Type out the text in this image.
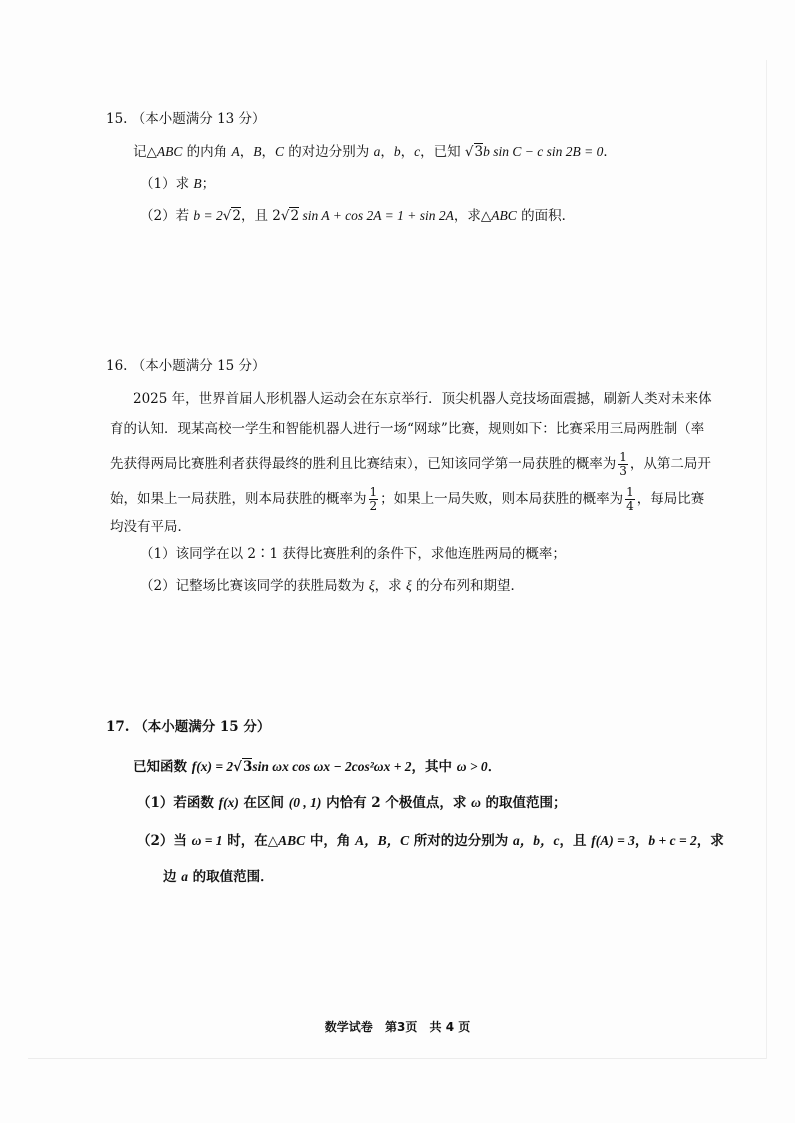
15. （本小题满分 13 分）
记△ABC 的内角 A，B，C 的对边分别为 a，b，c，已知 √3b sin C − c sin 2B = 0．
（1）求 B；
（2）若 b = 2√2，且 2√2 sin A + cos 2A = 1 + sin 2A，求△ABC 的面积．
16. （本小题满分 15 分）
2025 年，世界首届人形机器人运动会在东京举行．顶尖机器人竞技场面震撼，刷新人类对未来体
育的认知．现某高校一学生和智能机器人进行一场“网球”比赛，规则如下：比赛采用三局两胜制（率
先获得两局比赛胜利者获得最终的胜利且比赛结束），已知该同学第一局获胜的概率为 $\frac{1}{3}$ ，从第二局开
始，如果上一局获胜，则本局获胜的概率为 $\frac{1}{2}$ ；如果上一局失败，则本局获胜的概率为 $\frac{1}{4}$ ，每局比赛
均没有平局．
（1）该同学在以 2∶1 获得比赛胜利的条件下，求他连胜两局的概率；
（2）记整场比赛该同学的获胜局数为 ξ，求 ξ 的分布列和期望．
17. （本小题满分 15 分）
已知函数 f(x) = 2√3sin ωx cos ωx − 2cos²ωx + 2，其中 ω > 0．
（1）若函数 f(x) 在区间 (0 , 1) 内恰有 2 个极值点，求 ω 的取值范围；
（2）当 ω = 1 时，在△ABC 中，角 A，B，C 所对的边分别为 a，b，c，且 f(A) = 3，b + c = 2，求
边 a 的取值范围．
数学试卷 第3页 共 4 页
